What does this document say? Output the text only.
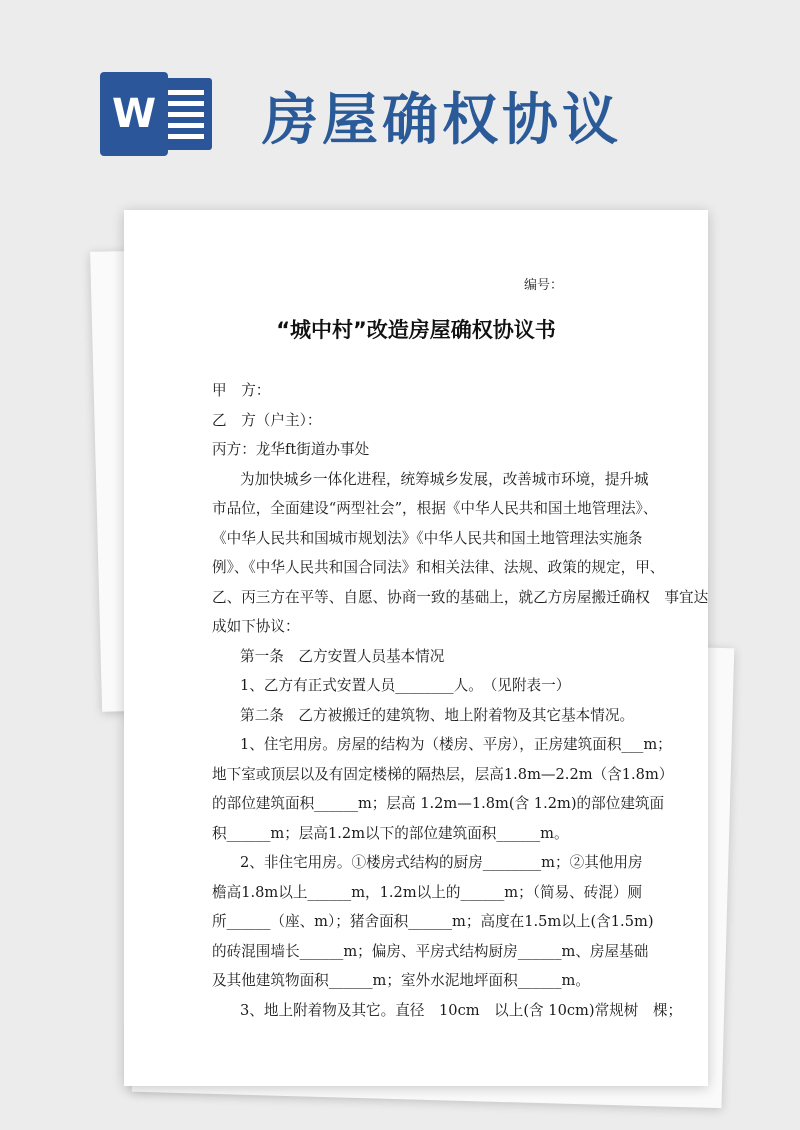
W 房屋确权协议
编号：
“城中村”改造房屋确权协议书

甲　方：

乙　方（户主）：

丙方：龙华ft街道办事处

为加快城乡一体化进程，统筹城乡发展，改善城市环境，提升城

市品位，全面建设“两型社会”，根据《中华人民共和国土地管理法》、

《中华人民共和国城市规划法》《中华人民共和国土地管理法实施条

例》、《中华人民共和国合同法》和相关法律、法规、政策的规定，甲、

乙、丙三方在平等、自愿、协商一致的基础上，就乙方房屋搬迁确权　事宜达

成如下协议：

第一条　乙方安置人员基本情况

1、乙方有正式安置人员________人。　（见附表一）

第二条　乙方被搬迁的建筑物、地上附着物及其它基本情况。

1、住宅用房。房屋的结构为（楼房、平房），正房建筑面积___m；

地下室或顶层以及有固定楼梯的隔热层，层高1.8m—2.2m（含1.8m）

的部位建筑面积______m；层高 1.2m—1.8m(含 1.2m)的部位建筑面

积______m；层高1.2m以下的部位建筑面积______m。

2、非住宅用房。①楼房式结构的厨房________m；②其他用房

檐高1.8m以上______m，1.2m以上的______m；（简易、砖混）厕

所______（座、m）；猪舍面积______m；高度在1.5m以上(含1.5m)

的砖混围墙长______m；偏房、平房式结构厨房______m、房屋基础

及其他建筑物面积______m；室外水泥地坪面积______m。

3、地上附着物及其它。直径　10cm　以上(含 10cm)常规树　棵；
